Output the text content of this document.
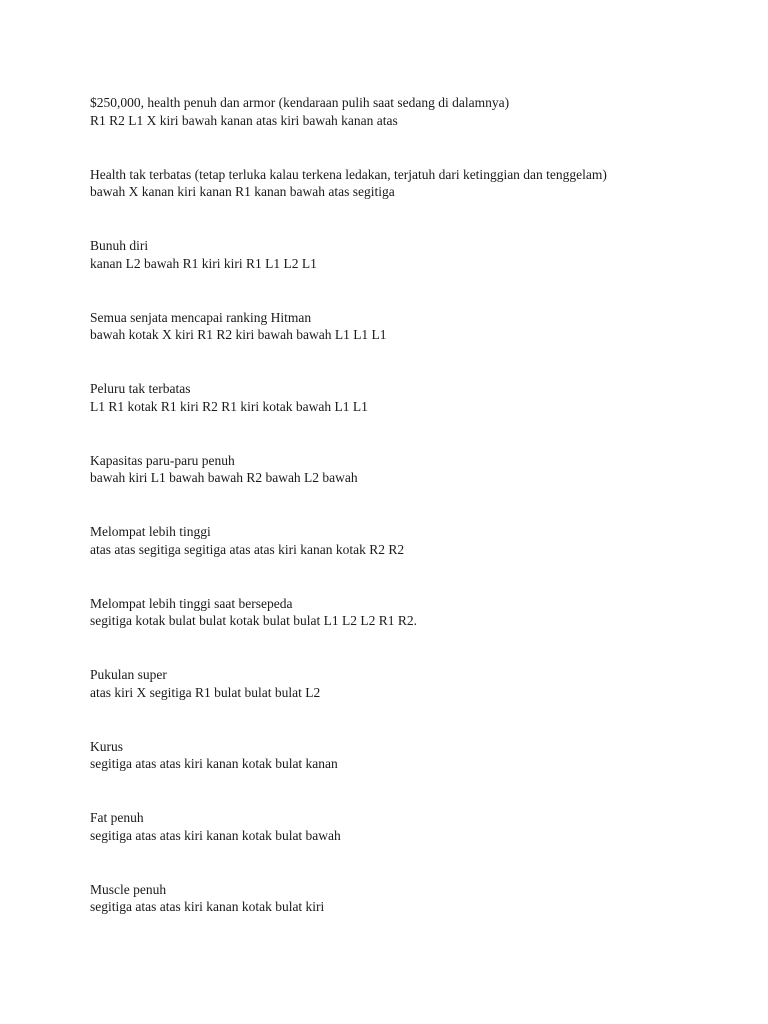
$250,000, health penuh dan armor (kendaraan pulih saat sedang di dalamnya)

R1 R2 L1 X kiri bawah kanan atas kiri bawah kanan atas

Health tak terbatas (tetap terluka kalau terkena ledakan, terjatuh dari ketinggian dan tenggelam)

bawah X kanan kiri kanan R1 kanan bawah atas segitiga

Bunuh diri

kanan L2 bawah R1 kiri kiri R1 L1 L2 L1

Semua senjata mencapai ranking Hitman

bawah kotak X kiri R1 R2 kiri bawah bawah L1 L1 L1

Peluru tak terbatas

L1 R1 kotak R1 kiri R2 R1 kiri kotak bawah L1 L1

Kapasitas paru-paru penuh

bawah kiri L1 bawah bawah R2 bawah L2 bawah

Melompat lebih tinggi

atas atas segitiga segitiga atas atas kiri kanan kotak R2 R2

Melompat lebih tinggi saat bersepeda

segitiga kotak bulat bulat kotak bulat bulat L1 L2 L2 R1 R2.

Pukulan super

atas kiri X segitiga R1 bulat bulat bulat L2

Kurus

segitiga atas atas kiri kanan kotak bulat kanan

Fat penuh

segitiga atas atas kiri kanan kotak bulat bawah

Muscle penuh

segitiga atas atas kiri kanan kotak bulat kiri
